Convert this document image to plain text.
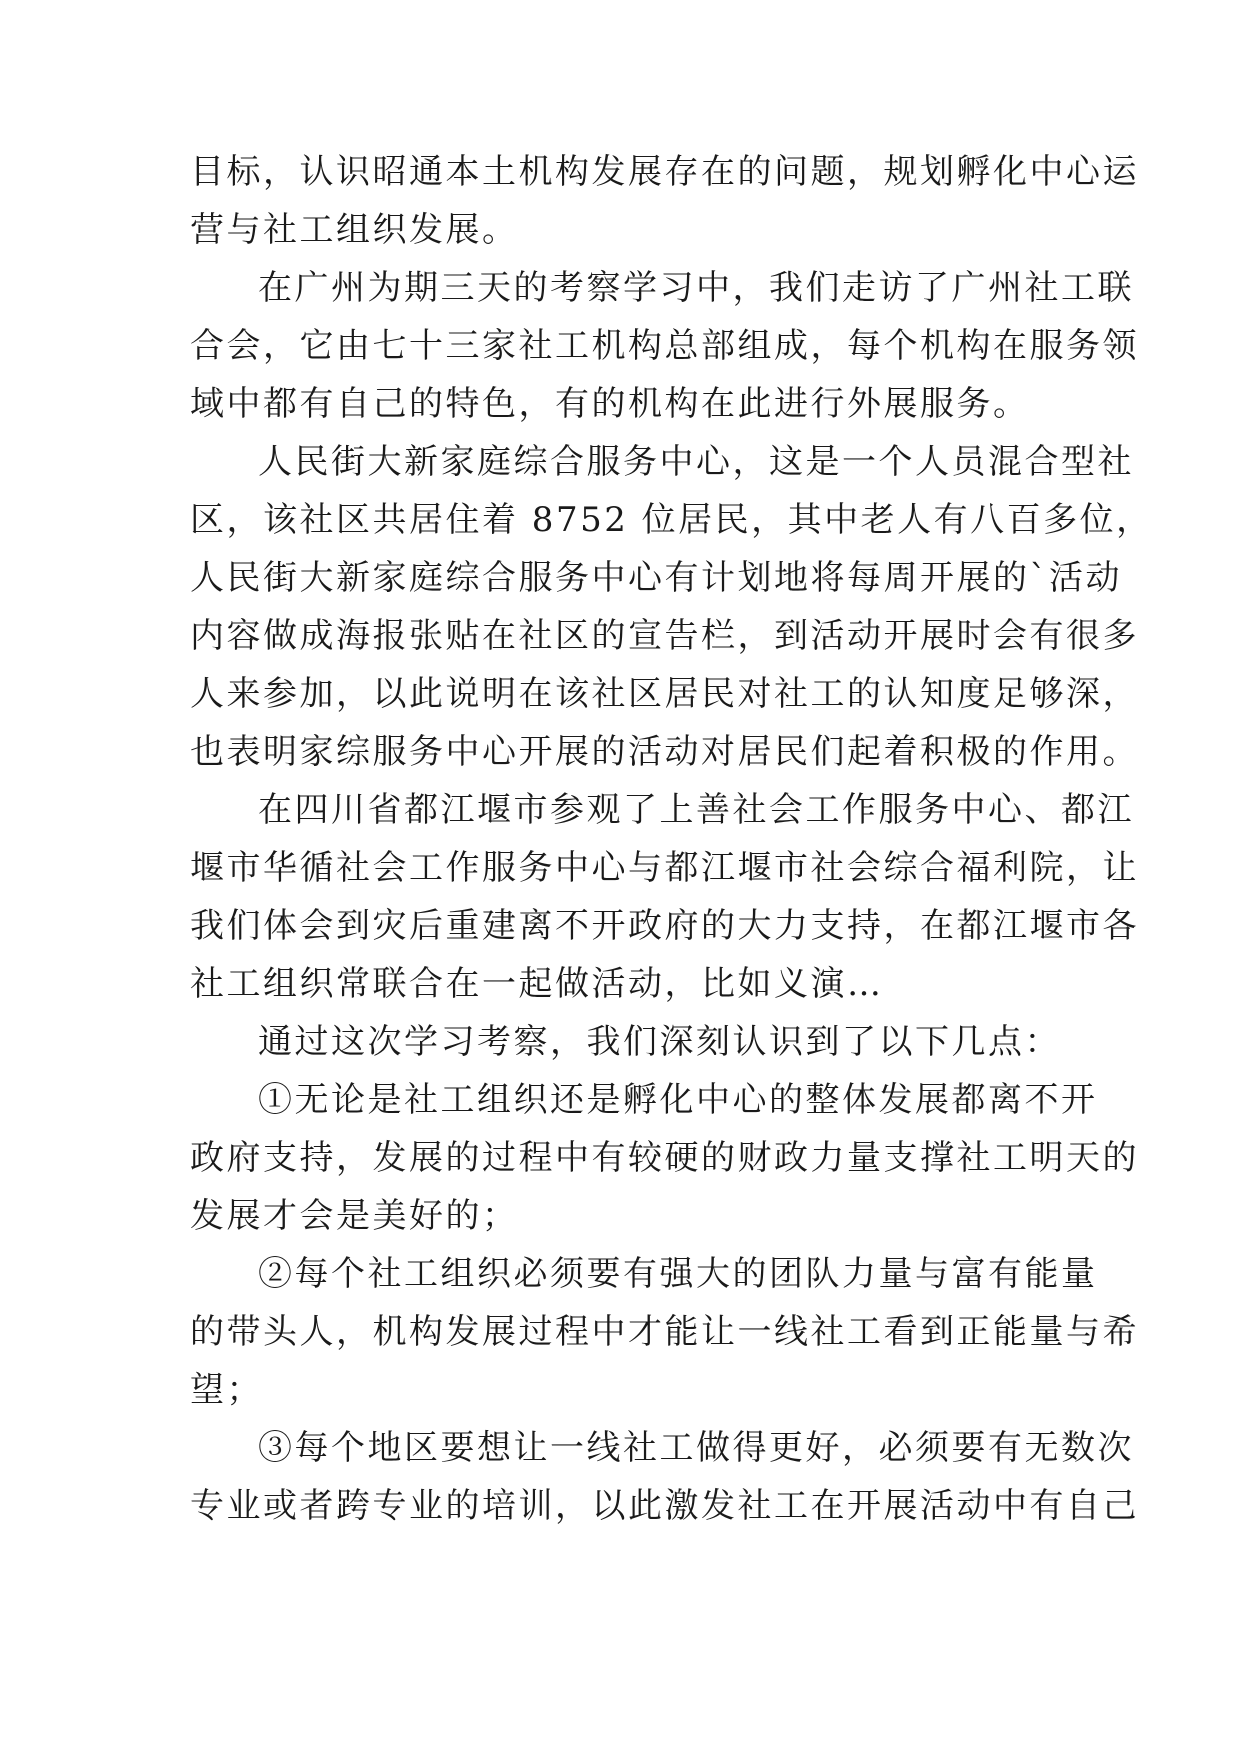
目标，认识昭通本土机构发展存在的问题，规划孵化中心运
营与社工组织发展。
在广州为期三天的考察学习中，我们走访了广州社工联
合会，它由七十三家社工机构总部组成，每个机构在服务领
域中都有自己的特色，有的机构在此进行外展服务。
人民街大新家庭综合服务中心，这是一个人员混合型社
区，该社区共居住着 8752 位居民，其中老人有八百多位，
人民街大新家庭综合服务中心有计划地将每周开展的`活动
内容做成海报张贴在社区的宣告栏，到活动开展时会有很多
人来参加，以此说明在该社区居民对社工的认知度足够深，
也表明家综服务中心开展的活动对居民们起着积极的作用。
在四川省都江堰市参观了上善社会工作服务中心、都江
堰市华循社会工作服务中心与都江堰市社会综合福利院，让
我们体会到灾后重建离不开政府的大力支持，在都江堰市各
社工组织常联合在一起做活动，比如义演…
通过这次学习考察，我们深刻认识到了以下几点：
①无论是社工组织还是孵化中心的整体发展都离不开
政府支持，发展的过程中有较硬的财政力量支撑社工明天的
发展才会是美好的；
②每个社工组织必须要有强大的团队力量与富有能量
的带头人，机构发展过程中才能让一线社工看到正能量与希
望；
③每个地区要想让一线社工做得更好，必须要有无数次
专业或者跨专业的培训，以此激发社工在开展活动中有自己
